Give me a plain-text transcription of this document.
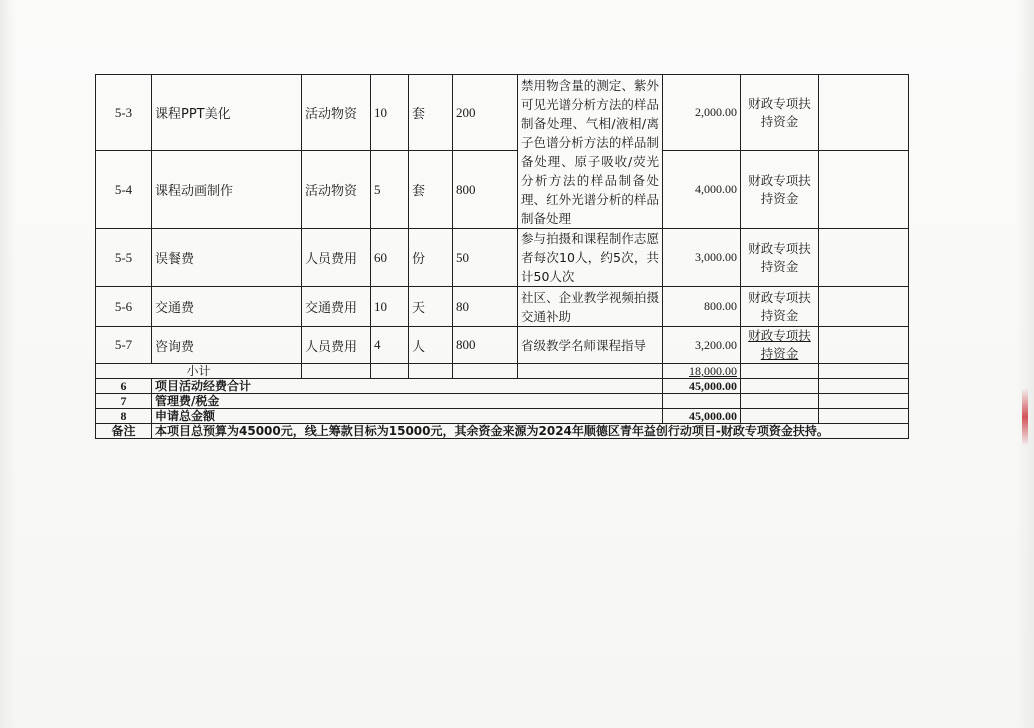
5-3	课程PPT美化	活动物资	10	套	200	禁用物含量的测定、紫外可见光谱分析方法的样品制备处理、气相/液相/离子色谱分析方法的样品制备处理、原子吸收/荧光分析方法的样品制备处理、红外光谱分析的样品制备处理	2,000.00	财政专项扶持资金	
5-4	课程动画制作	活动物资	5	套	800		4,000.00	财政专项扶持资金	
5-5	误餐费	人员费用	60	份	50	参与拍摄和课程制作志愿者每次10人，约5次，共计50人次	3,000.00	财政专项扶持资金	
5-6	交通费	交通费用	10	天	80	社区、企业教学视频拍摄交通补助	800.00	财政专项扶持资金	
5-7	咨询费	人员费用	4	人	800	省级教学名师课程指导	3,200.00	财政专项扶持资金	
小计							18,000.00		
6	项目活动经费合计						45,000.00		
7	管理费/税金								
8	申请总金额						45,000.00		
备注	本项目总预算为45000元，线上筹款目标为15000元，其余资金来源为2024年顺德区青年益创行动项目-财政专项资金扶持。								
